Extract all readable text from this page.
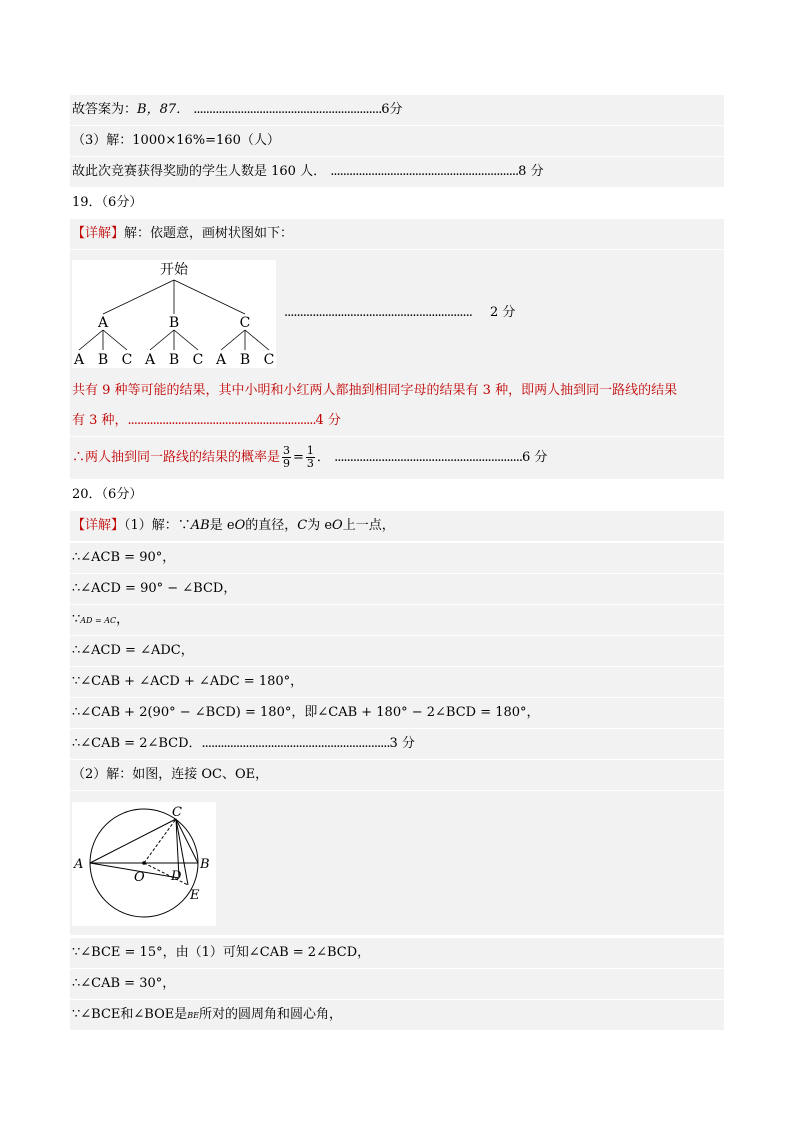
故答案为：B，87． ............................................................6分
（3）解：1000×16%=160（人）
故此次竞赛获得奖励的学生人数是 160 人． ............................................................8 分
19．（6分）
【详解】解：依题意，画树状图如下：
............................................................ 2 分
开始
A	B	C
A B C A B C A B C
共有 9 种等可能的结果，其中小明和小红两人都抽到相同字母的结果有 3 种，即两人抽到同一路线的结果
有 3 种，............................................................4 分
∴两人抽到同一路线的结果的概率是 $\frac{3}{9} = \frac{1}{3}$ ． ............................................................6 分
20．（6分）
【详解】（1）解：∵AB是 eO的直径，C为 eO上一点，
∴∠ACB = 90°，
∴∠ACD = 90° − ∠BCD，
∵AD = AC，
∴∠ACD = ∠ADC，
∵∠CAB + ∠ACD + ∠ADC = 180°，
∴∠CAB + 2(90° − ∠BCD) = 180°，即∠CAB + 180° − 2∠BCD = 180°，
∴∠CAB = 2∠BCD．............................................................3 分
（2）解：如图，连接 OC、OE，
A	B
C
D
E
O
∵∠BCE = 15°，由（1）可知∠CAB = 2∠BCD，
∴∠CAB = 30°，
∵∠BCE和∠BOE是BE所对的圆周角和圆心角，
